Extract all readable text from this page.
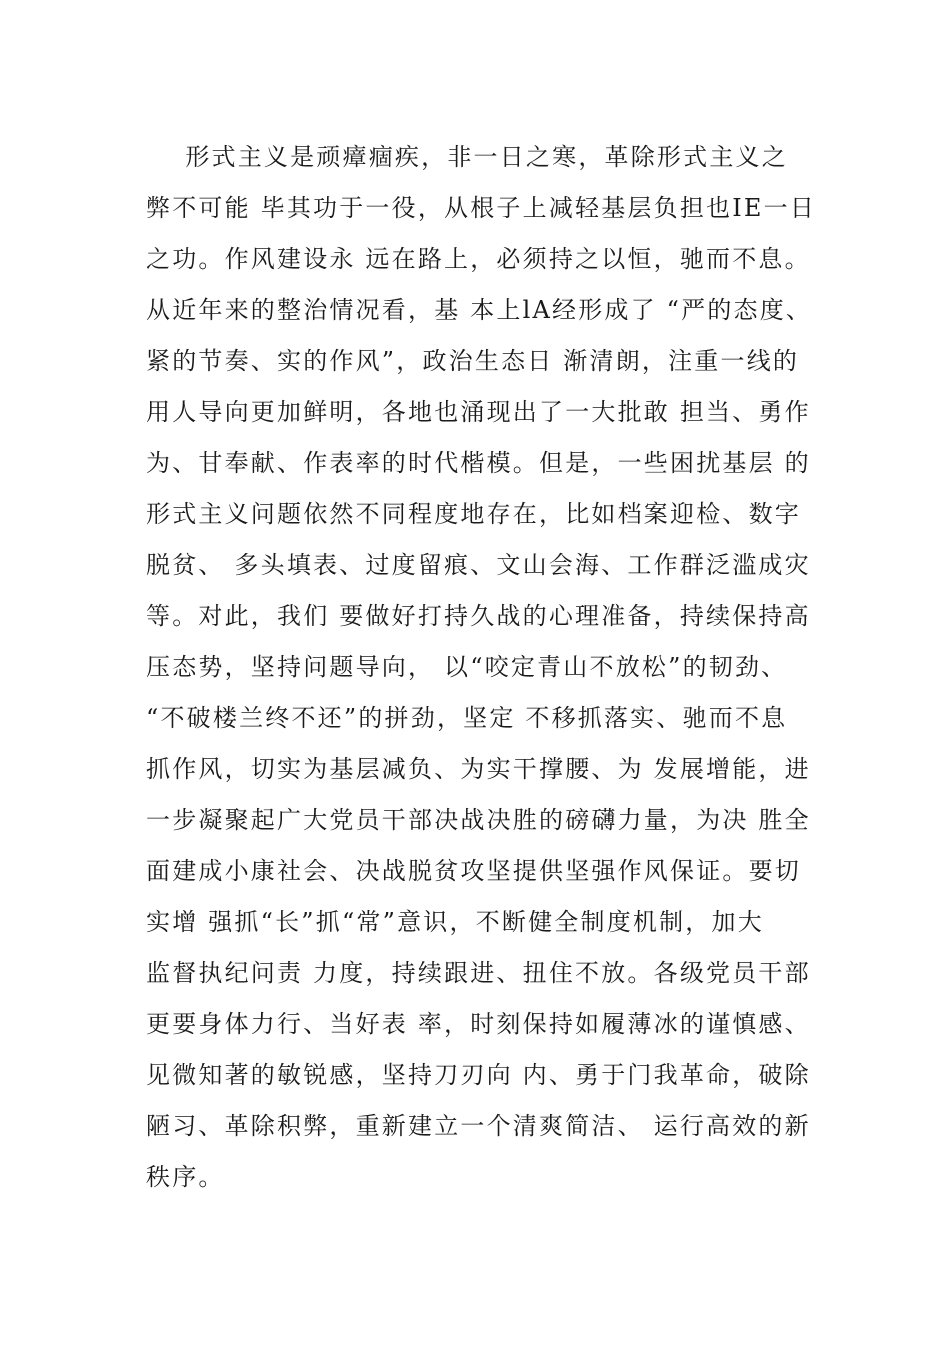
形式主义是顽瘴痼疾，非一日之寒，革除形式主义之
弊不可能 毕其功于一役，从根子上减轻基层负担也IE一日
之功。作风建设永 远在路上，必须持之以恒，驰而不息。
从近年来的整治情况看，基 本上lA经形成了 “严的态度、
紧的节奏、实的作风”，政治生态日 渐清朗，注重一线的
用人导向更加鲜明，各地也涌现出了一大批敢 担当、勇作
为、甘奉献、作表率的时代楷模。但是，一些困扰基层 的
形式主义问题依然不同程度地存在，比如档案迎检、数字
脱贫、 多头填表、过度留痕、文山会海、工作群泛滥成灾
等。对此，我们 要做好打持久战的心理准备，持续保持高
压态势，坚持问题导向， 以“咬定青山不放松”的韧劲、
“不破楼兰终不还”的拼劲，坚定 不移抓落实、驰而不息
抓作风，切实为基层减负、为实干撑腰、为 发展增能，进
一步凝聚起广大党员干部决战决胜的磅礴力量，为决 胜全
面建成小康社会、决战脱贫攻坚提供坚强作风保证。要切
实增 强抓“长”抓“常”意识，不断健全制度机制，加大
监督执纪问责 力度，持续跟进、扭住不放。各级党员干部
更要身体力行、当好表 率，时刻保持如履薄冰的谨慎感、
见微知著的敏锐感，坚持刀刃向 内、勇于门我革命，破除
陋习、革除积弊，重新建立一个清爽简洁、 运行高效的新
秩序。
